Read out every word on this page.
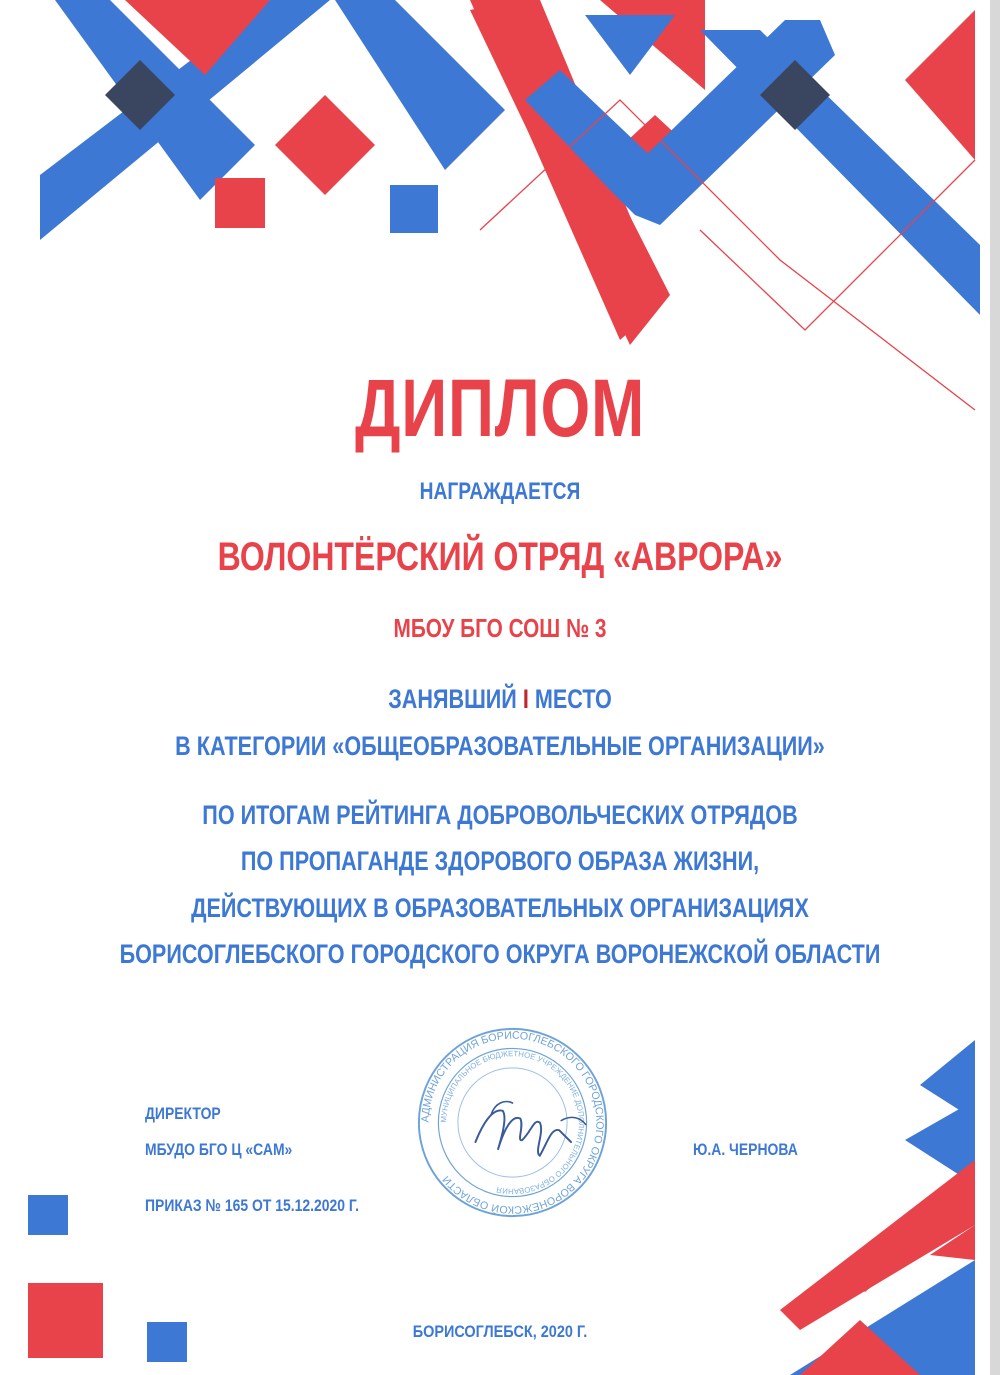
ДИПЛОМ
НАГРАЖДАЕТСЯ
ВОЛОНТЁРСКИЙ ОТРЯД «АВРОРА»
МБОУ БГО СОШ № 3
ЗАНЯВШИЙ I МЕСТО
В КАТЕГОРИИ «ОБЩЕОБРАЗОВАТЕЛЬНЫЕ ОРГАНИЗАЦИИ»
ПО ИТОГАМ РЕЙТИНГА ДОБРОВОЛЬЧЕСКИХ ОТРЯДОВ
ПО ПРОПАГАНДЕ ЗДОРОВОГО ОБРАЗА ЖИЗНИ,
ДЕЙСТВУЮЩИХ В ОБРАЗОВАТЕЛЬНЫХ ОРГАНИЗАЦИЯХ
БОРИСОГЛЕБСКОГО ГОРОДСКОГО ОКРУГА ВОРОНЕЖСКОЙ ОБЛАСТИ
ДИРЕКТОР
МБУДО БГО Ц «САМ»
ПРИКАЗ № 165 ОТ 15.12.2020 Г.
Ю.А. ЧЕРНОВА
АДМИНИСТРАЦИЯ БОРИСОГЛЕБСКОГО ГОРОДСКОГО ОКРУГА ВОРОНЕЖСКОЙ ОБЛАСТИ
МУНИЦИПАЛЬНОЕ БЮДЖЕТНОЕ УЧРЕЖДЕНИЕ ДОПОЛНИТЕЛЬНОГО ОБРАЗОВАНИЯ
БОРИСОГЛЕБСК, 2020 Г.
